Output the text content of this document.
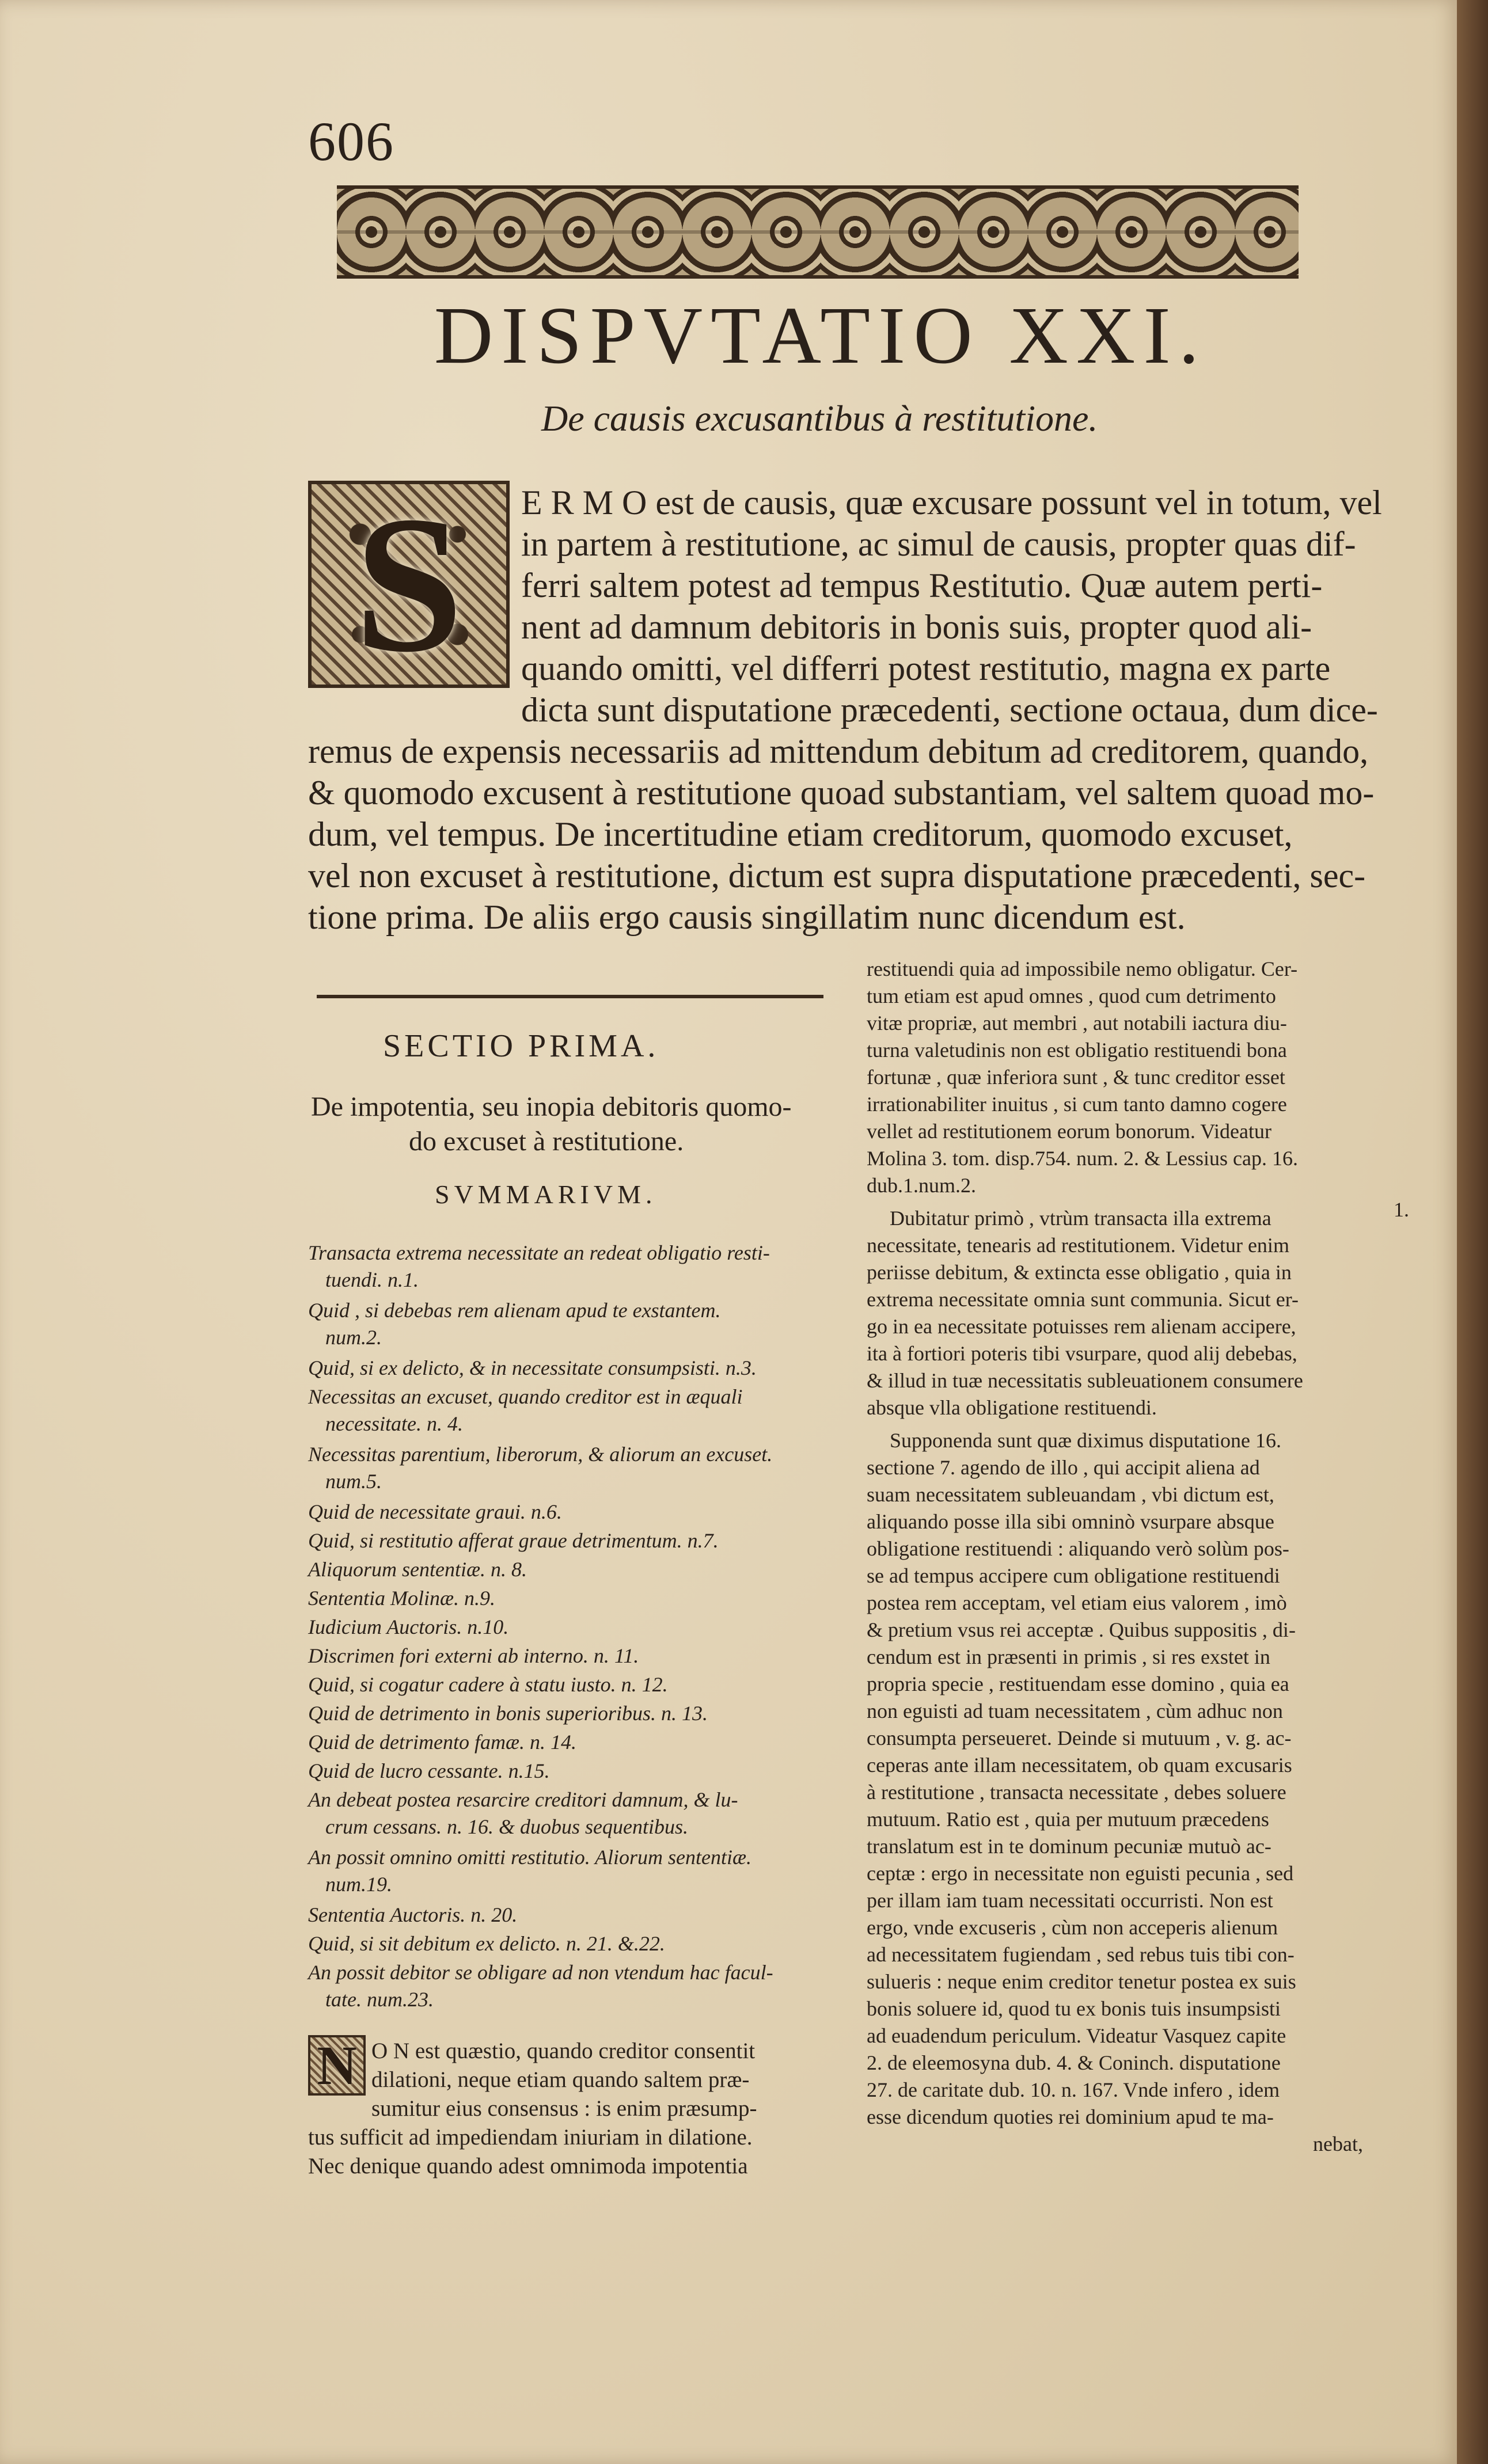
606
DISPVTATIO XXI.
De causis excusantibus à restitutione.
S E R M O est de causis, quæ excusare possunt vel in totum, vel
in partem à restitutione, ac simul de causis, propter quas dif-
ferri saltem potest ad tempus Restitutio. Quæ autem perti-
nent ad damnum debitoris in bonis suis, propter quod ali-
quando omitti, vel differri potest restitutio, magna ex parte
dicta sunt disputatione præcedenti, sectione octaua, dum dice-
remus de expensis necessariis ad mittendum debitum ad creditorem, quando,
& quomodo excusent à restitutione quoad substantiam, vel saltem quoad mo-
dum, vel tempus. De incertitudine etiam creditorum, quomodo excuset,
vel non excuset à restitutione, dictum est supra disputatione præcedenti, sec-
tione prima. De aliis ergo causis singillatim nunc dicendum est.
SECTIO PRIMA.
De impotentia, seu inopia debitoris quomo-
do excuset à restitutione.
SVMMARIVM.
Transacta extrema necessitate an redeat obligatio resti-
tuendi. n.1.
Quid , si debebas rem alienam apud te exstantem.
num.2.
Quid, si ex delicto, & in necessitate consumpsisti. n.3.
Necessitas an excuset, quando creditor est in æquali
necessitate. n. 4.
Necessitas parentium, liberorum, & aliorum an excuset.
num.5.
Quid de necessitate graui. n.6.
Quid, si restitutio afferat graue detrimentum. n.7.
Aliquorum sententiæ. n. 8.
Sententia Molinæ. n.9.
Iudicium Auctoris. n.10.
Discrimen fori externi ab interno. n. 11.
Quid, si cogatur cadere à statu iusto. n. 12.
Quid de detrimento in bonis superioribus. n. 13.
Quid de detrimento famæ. n. 14.
Quid de lucro cessante. n.15.
An debeat postea resarcire creditori damnum, & lu-
crum cessans. n. 16. & duobus sequentibus.
An possit omnino omitti restitutio. Aliorum sententiæ.
num.19.
Sententia Auctoris. n. 20.
Quid, si sit debitum ex delicto. n. 21. &.22.
An possit debitor se obligare ad non vtendum hac facul-
tate. num.23.
N O N est quæstio, quando creditor consentit
dilationi, neque etiam quando saltem præ-
sumitur eius consensus : is enim præsump-
tus sufficit ad impediendam iniuriam in dilatione.
Nec denique quando adest omnimoda impotentia
1.
restituendi quia ad impossibile nemo obligatur. Cer-
tum etiam est apud omnes , quod cum detrimento
vitæ propriæ, aut membri , aut notabili iactura diu-
turna valetudinis non est obligatio restituendi bona
fortunæ , quæ inferiora sunt , & tunc creditor esset
irrationabiliter inuitus , si cum tanto damno cogere
vellet ad restitutionem eorum bonorum. Videatur
Molina 3. tom. disp.754. num. 2. & Lessius cap. 16.
dub.1.num.2.
Dubitatur primò , vtrùm transacta illa extrema
necessitate, tenearis ad restitutionem. Videtur enim
periisse debitum, & extincta esse obligatio , quia in
extrema necessitate omnia sunt communia. Sicut er-
go in ea necessitate potuisses rem alienam accipere,
ita à fortiori poteris tibi vsurpare, quod alij debebas,
& illud in tuæ necessitatis subleuationem consumere
absque vlla obligatione restituendi.
Supponenda sunt quæ diximus disputatione 16.
sectione 7. agendo de illo , qui accipit aliena ad
suam necessitatem subleuandam , vbi dictum est,
aliquando posse illa sibi omninò vsurpare absque
obligatione restituendi : aliquando verò solùm pos-
se ad tempus accipere cum obligatione restituendi
postea rem acceptam, vel etiam eius valorem , imò
& pretium vsus rei acceptæ . Quibus suppositis , di-
cendum est in præsenti in primis , si res exstet in
propria specie , restituendam esse domino , quia ea
non eguisti ad tuam necessitatem , cùm adhuc non
consumpta perseueret. Deinde si mutuum , v. g. ac-
ceperas ante illam necessitatem, ob quam excusaris
à restitutione , transacta necessitate , debes soluere
mutuum. Ratio est , quia per mutuum præcedens
translatum est in te dominum pecuniæ mutuò ac-
ceptæ : ergo in necessitate non eguisti pecunia , sed
per illam iam tuam necessitati occurristi. Non est
ergo, vnde excuseris , cùm non acceperis alienum
ad necessitatem fugiendam , sed rebus tuis tibi con-
sulueris : neque enim creditor tenetur postea ex suis
bonis soluere id, quod tu ex bonis tuis insumpsisti
ad euadendum periculum. Videatur Vasquez capite
2. de eleemosyna dub. 4. & Coninch. disputatione
27. de caritate dub. 10. n. 167. Vnde infero , idem
esse dicendum quoties rei dominium apud te ma-
nebat,
